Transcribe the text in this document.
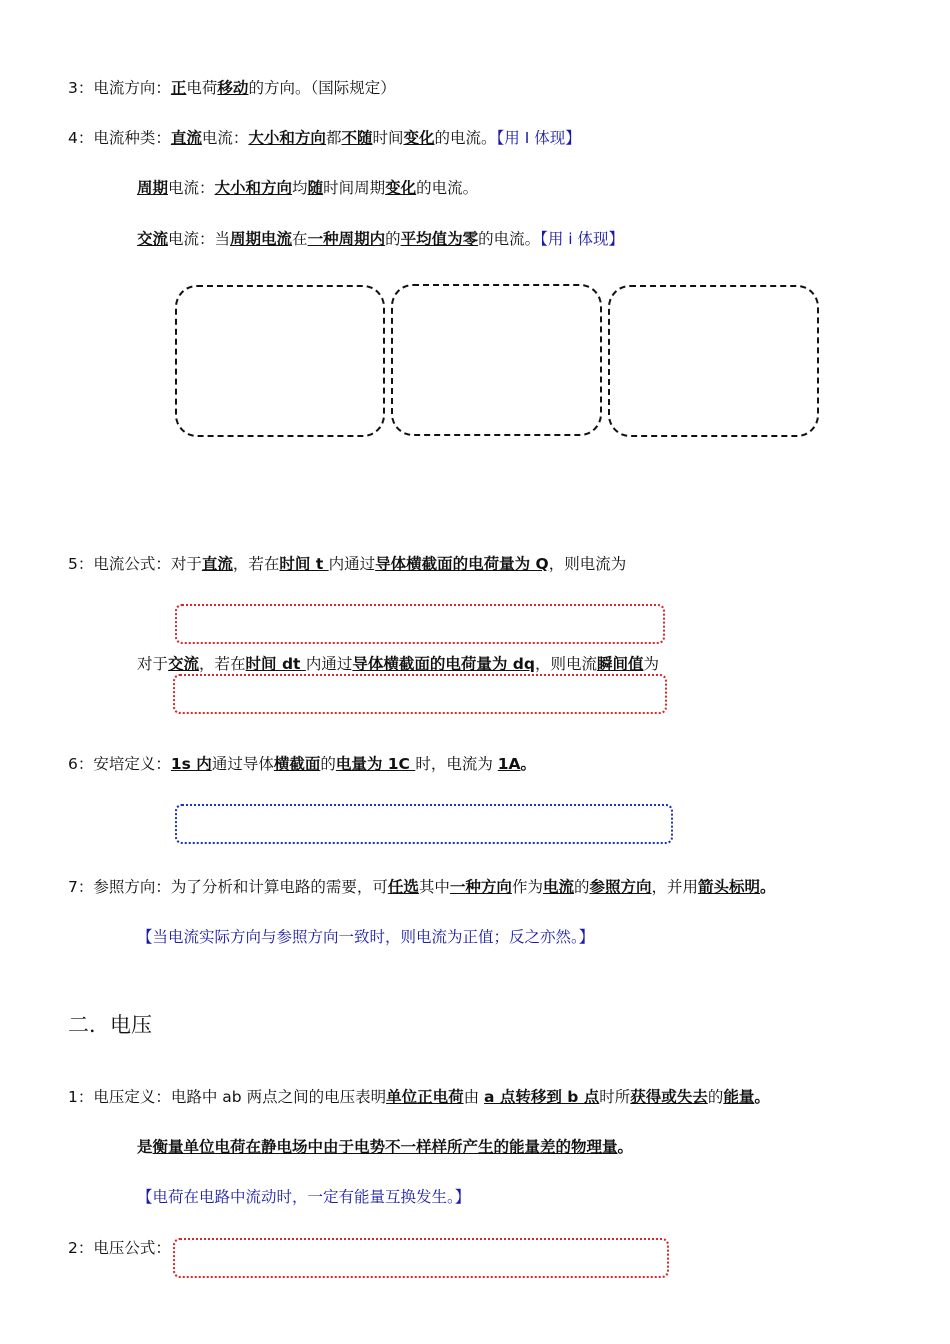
3：电流方向：正电荷移动的方向。（国际规定）
4：电流种类：直流电流：大小和方向都不随时间变化的电流。【用 I 体现】
周期电流：大小和方向均随时间周期变化的电流。
交流电流：当周期电流在一种周期内的平均值为零的电流。【用 i 体现】
5：电流公式：对于直流，若在时间 t 内通过导体横截面的电荷量为 Q，则电流为
对于交流，若在时间 dt 内通过导体横截面的电荷量为 dq，则电流瞬间值为
6：安培定义：1s 内通过导体横截面的电量为 1C 时，电流为 1A。
7：参照方向：为了分析和计算电路的需要，可任选其中一种方向作为电流的参照方向，并用箭头标明。
【当电流实际方向与参照方向一致时，则电流为正值；反之亦然。】
二．电压
1：电压定义：电路中 ab 两点之间的电压表明单位正电荷由 a 点转移到 b 点时所获得或失去的能量。
是衡量单位电荷在静电场中由于电势不一样样所产生的能量差的物理量。
【电荷在电路中流动时，一定有能量互换发生。】
2：电压公式：
